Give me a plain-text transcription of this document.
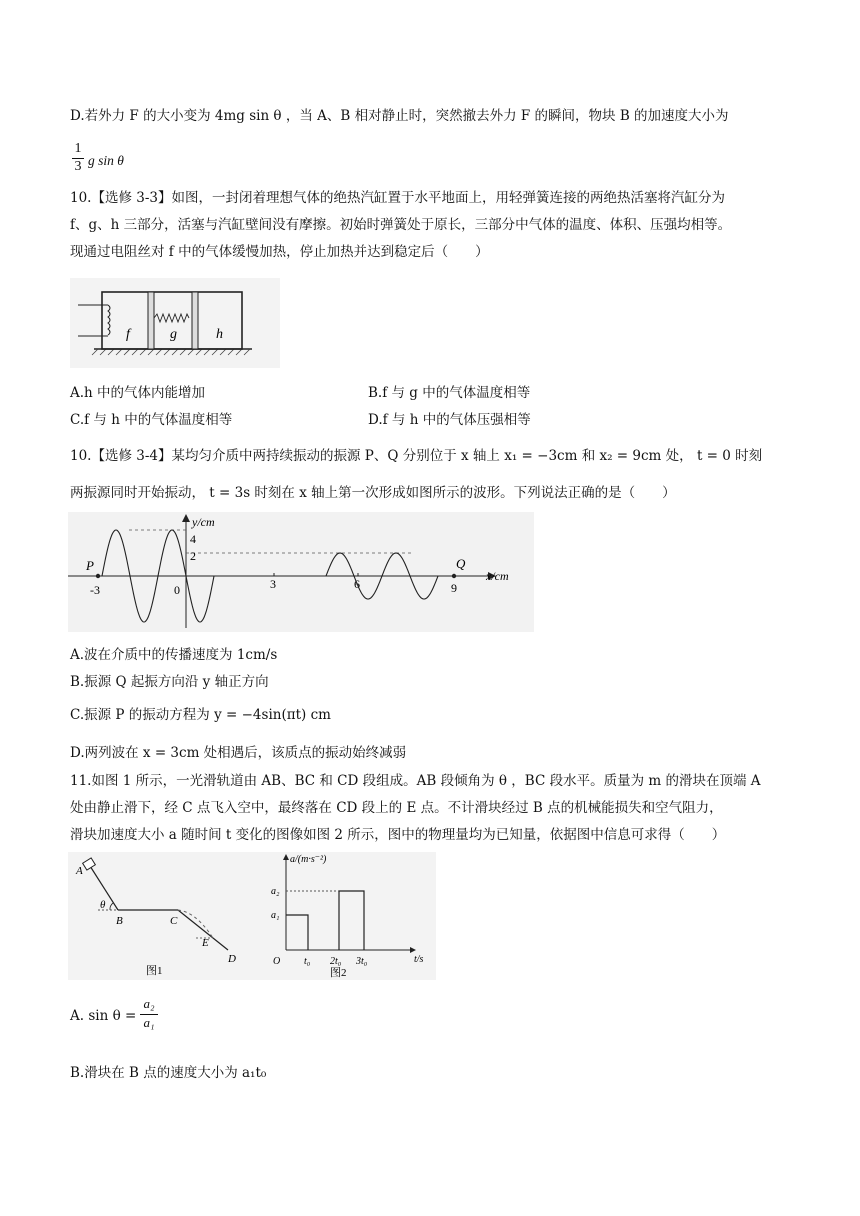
D.若外力 F 的大小变为 4mg sin θ ，当 A、B 相对静止时，突然撤去外力 F 的瞬间，物块 B 的加速度大小为
$\frac{1}{3}$ g sin θ
10.【选修 3-3】如图，一封闭着理想气体的绝热汽缸置于水平地面上，用轻弹簧连接的两绝热活塞将汽缸分为
f、g、h 三部分，活塞与汽缸壁间没有摩擦。初始时弹簧处于原长，三部分中气体的温度、体积、压强均相等。
现通过电阻丝对 f 中的气体缓慢加热，停止加热并达到稳定后（　　）
f	g	h
A.h 中的气体内能增加	B.f 与 g 中的气体温度相等
C.f 与 h 中的气体温度相等	D.f 与 h 中的气体压强相等
10.【选修 3-4】某均匀介质中两持续振动的振源 P、Q 分别位于 x 轴上 x₁ = −3cm 和 x₂ = 9cm 处， t = 0 时刻
两振源同时开始振动， t = 3s 时刻在 x 轴上第一次形成如图所示的波形。下列说法正确的是（　　）
y/cm
x/cm
4
2
-3	0	3	6	9
P	Q
A.波在介质中的传播速度为 1cm/s
B.振源 Q 起振方向沿 y 轴正方向
C.振源 P 的振动方程为 y = −4sin(πt) cm
D.两列波在 x = 3cm 处相遇后，该质点的振动始终减弱
11.如图 1 所示，一光滑轨道由 AB、BC 和 CD 段组成。AB 段倾角为 θ ，BC 段水平。质量为 m 的滑块在顶端 A
处由静止滑下，经 C 点飞入空中，最终落在 CD 段上的 E 点。不计滑块经过 B 点的机械能损失和空气阻力，
滑块加速度大小 a 随时间 t 变化的图像如图 2 所示，图中的物理量均为已知量，依据图中信息可求得（　　）
A
θ
B	C
E
D
图1
a/(m·s⁻²)
t/s
a₂
a₁
O t₀ 2t₀ 3t₀
图2
A. $\sin \theta = \frac{\text{a₂}}{\text{a₁}}$
B.滑块在 B 点的速度大小为 a₁t₀
